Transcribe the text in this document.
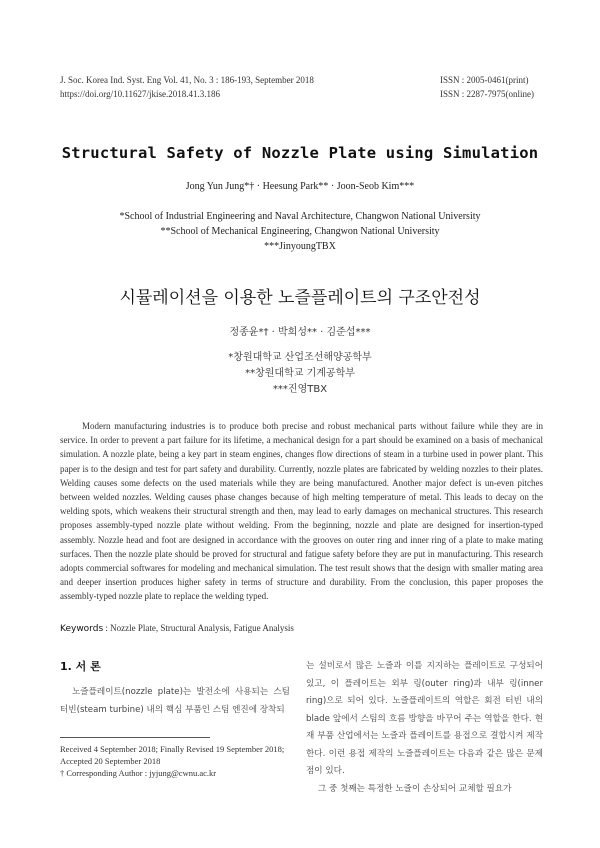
J. Soc. Korea Ind. Syst. Eng Vol. 41, No. 3 : 186-193, September 2018
https://doi.org/10.11627/jkise.2018.41.3.186
ISSN : 2005-0461(print)
ISSN : 2287-7975(online)
Structural Safety of Nozzle Plate using Simulation
Jong Yun Jung*† · Heesung Park** · Joon-Seob Kim***
*School of Industrial Engineering and Naval Architecture, Changwon National University
**School of Mechanical Engineering, Changwon National University
***JinyoungTBX
시뮬레이션을 이용한 노즐플레이트의 구조안전성
정종윤*† · 박희성** · 김준섭***
*창원대학교 산업조선해양공학부
**창원대학교 기계공학부
***진영TBX
Modern manufacturing industries is to produce both precise and robust mechanical parts without failure while they are in service. In order to prevent a part failure for its lifetime, a mechanical design for a part should be examined on a basis of mechanical simulation. A nozzle plate, being a key part in steam engines, changes flow directions of steam in a turbine used in power plant. This paper is to the design and test for part safety and durability. Currently, nozzle plates are fabricated by welding nozzles to their plates. Welding causes some defects on the used materials while they are being manufactured. Another major defect is un-even pitches between welded nozzles. Welding causes phase changes because of high melting temperature of metal. This leads to decay on the welding spots, which weakens their structural strength and then, may lead to early damages on mechanical structures. This research proposes assembly-typed nozzle plate without welding. From the beginning, nozzle and plate are designed for insertion-typed assembly. Nozzle head and foot are designed in accordance with the grooves on outer ring and inner ring of a plate to make mating surfaces. Then the nozzle plate should be proved for structural and fatigue safety before they are put in manufacturing. This research adopts commercial softwares for modeling and mechanical simulation. The test result shows that the design with smaller mating area and deeper insertion produces higher safety in terms of structure and durability. From the conclusion, this paper proposes the assembly-typed nozzle plate to replace the welding typed.
Keywords : Nozzle Plate, Structural Analysis, Fatigue Analysis
1. 서 론

노즐플레이트(nozzle plate)는 발전소에 사용되는 스팀 터빈(steam turbine) 내의 핵심 부품인 스팀 엔진에 장착되

는 설비로서 많은 노즐과 이를 지지하는 플레이트로 구성되어 있고, 이 플레이트는 외부 링(outer ring)과 내부 링(inner ring)으로 되어 있다. 노즐플레이트의 역할은 회전 터빈 내의 blade 앞에서 스팀의 흐름 방향을 바꾸어 주는 역할을 한다. 현재 부품 산업에서는 노즐과 플레이트를 용접으로 결합시켜 제작한다. 이런 용접 제작의 노즐플레이트는 다음과 같은 많은 문제점이 있다.

그 중 첫째는 특정한 노즐이 손상되어 교체할 필요가

Received 4 September 2018; Finally Revised 19 September 2018; Accepted 20 September 2018
† Corresponding Author : jyjung@cwnu.ac.kr
